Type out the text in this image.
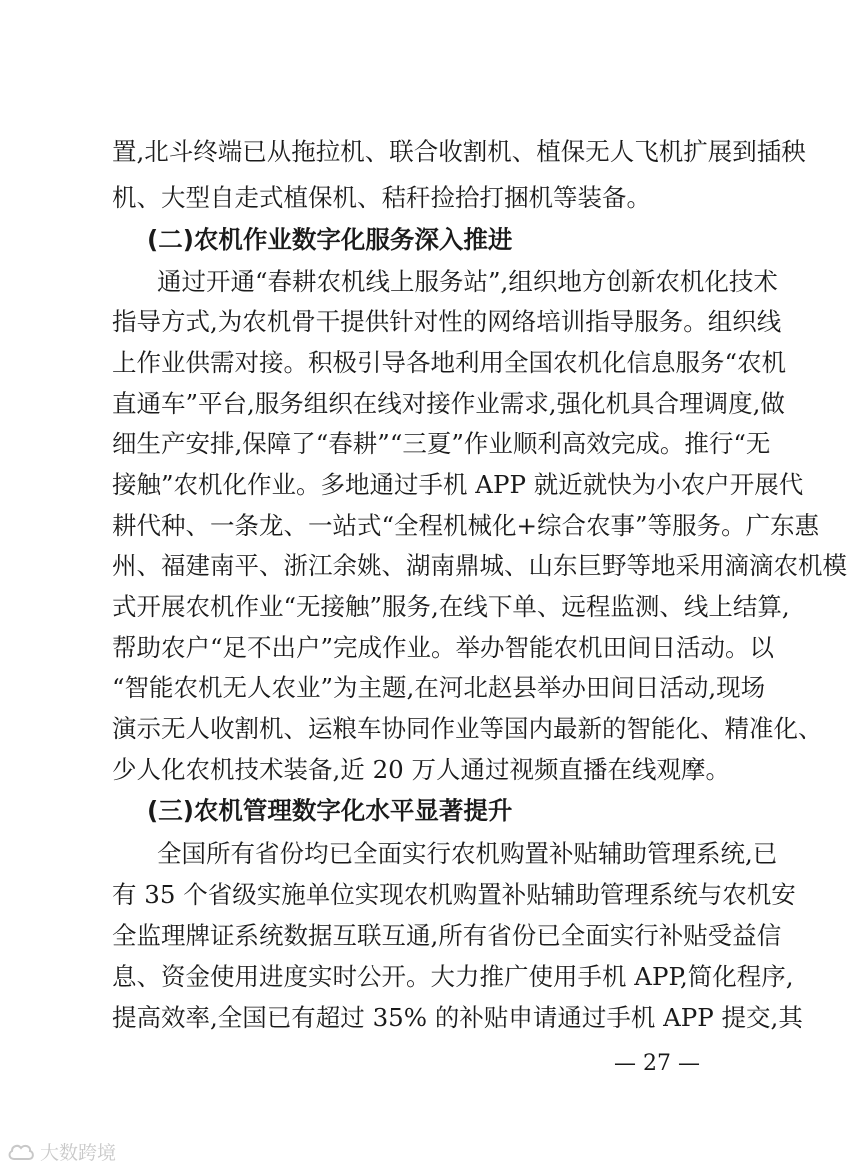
置,北斗终端已从拖拉机、联合收割机、植保无人飞机扩展到插秧
机、大型自走式植保机、秸秆捡拾打捆机等装备。
(二)农机作业数字化服务深入推进
通过开通“春耕农机线上服务站”,组织地方创新农机化技术
指导方式,为农机骨干提供针对性的网络培训指导服务。组织线
上作业供需对接。积极引导各地利用全国农机化信息服务“农机
直通车”平台,服务组织在线对接作业需求,强化机具合理调度,做
细生产安排,保障了“春耕”“三夏”作业顺利高效完成。推行“无
接触”农机化作业。多地通过手机 APP 就近就快为小农户开展代
耕代种、一条龙、一站式“全程机械化+综合农事”等服务。广东惠
州、福建南平、浙江余姚、湖南鼎城、山东巨野等地采用滴滴农机模
式开展农机作业“无接触”服务,在线下单、远程监测、线上结算,
帮助农户“足不出户”完成作业。举办智能农机田间日活动。以
“智能农机无人农业”为主题,在河北赵县举办田间日活动,现场
演示无人收割机、运粮车协同作业等国内最新的智能化、精准化、
少人化农机技术装备,近 20 万人通过视频直播在线观摩。
(三)农机管理数字化水平显著提升
全国所有省份均已全面实行农机购置补贴辅助管理系统,已
有 35 个省级实施单位实现农机购置补贴辅助管理系统与农机安
全监理牌证系统数据互联互通,所有省份已全面实行补贴受益信
息、资金使用进度实时公开。大力推广使用手机 APP,简化程序,
提高效率,全国已有超过 35% 的补贴申请通过手机 APP 提交,其
— 27 —
大数跨境
